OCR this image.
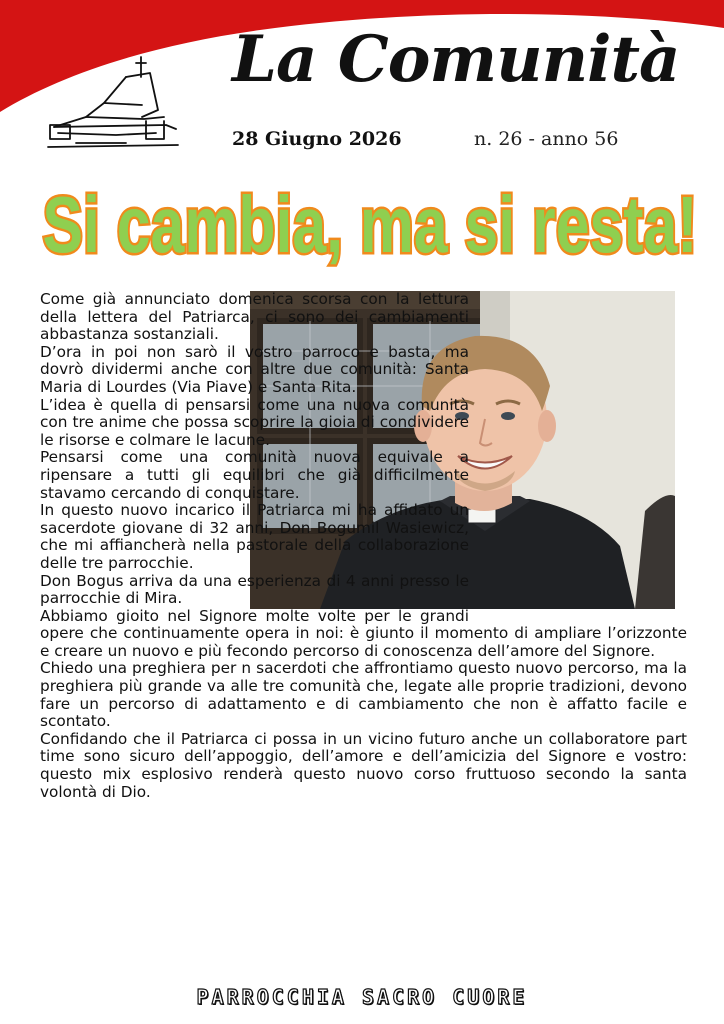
La Comunità
28 Giugno 2026	n. 26 - anno 56
Si cambia, ma si resta!

Come già annunciato domenica scorsa con la lettura della lettera del Patriarca, ci sono dei cambiamenti abbastanza sostanziali.

D’ora in poi non sarò il vostro parroco e basta, ma dovrò dividermi anche con altre due comunità: Santa Maria di Lourdes (Via Piave) e Santa Rita.

L’idea è quella di pensarsi come una nuova comunità con tre anime che possa scoprire la gioia di condividere le risorse e colmare le lacune.

Pensarsi come una comunità nuova equivale a ripensare a tutti gli equilibri che già difficilmente stavamo cercando di conquistare.

In questo nuovo incarico il Patriarca mi ha affidato un sacerdote giovane di 32 anni, Don Bogumil Wasiewicz, che mi affiancherà nella pastorale della collaborazione delle tre parrocchie.

Don Bogus arriva da una esperienza di 4 anni presso le parrocchie di Mira.

Abbiamo gioito nel Signore molte volte per le grandi opere che continuamente opera in noi: è giunto il momento di ampliare l’orizzonte e creare un nuovo e più fecondo percorso di conoscenza dell’amore del Signore.

Chiedo una preghiera per n sacerdoti che affrontiamo questo nuovo percorso, ma la preghiera più grande va alle tre comunità che, legate alle proprie tradizioni, devono fare un percorso di adattamento e di cambiamento che non è affatto facile e scontato.

Confidando che il Patriarca ci possa in un vicino futuro anche un collaboratore part time sono sicuro dell’appoggio, dell’amore e dell’amicizia del Signore e vostro: questo mix esplosivo renderà questo nuovo corso fruttuoso secondo la santa volontà di Dio.

PARROCCHIA SACRO CUORE
